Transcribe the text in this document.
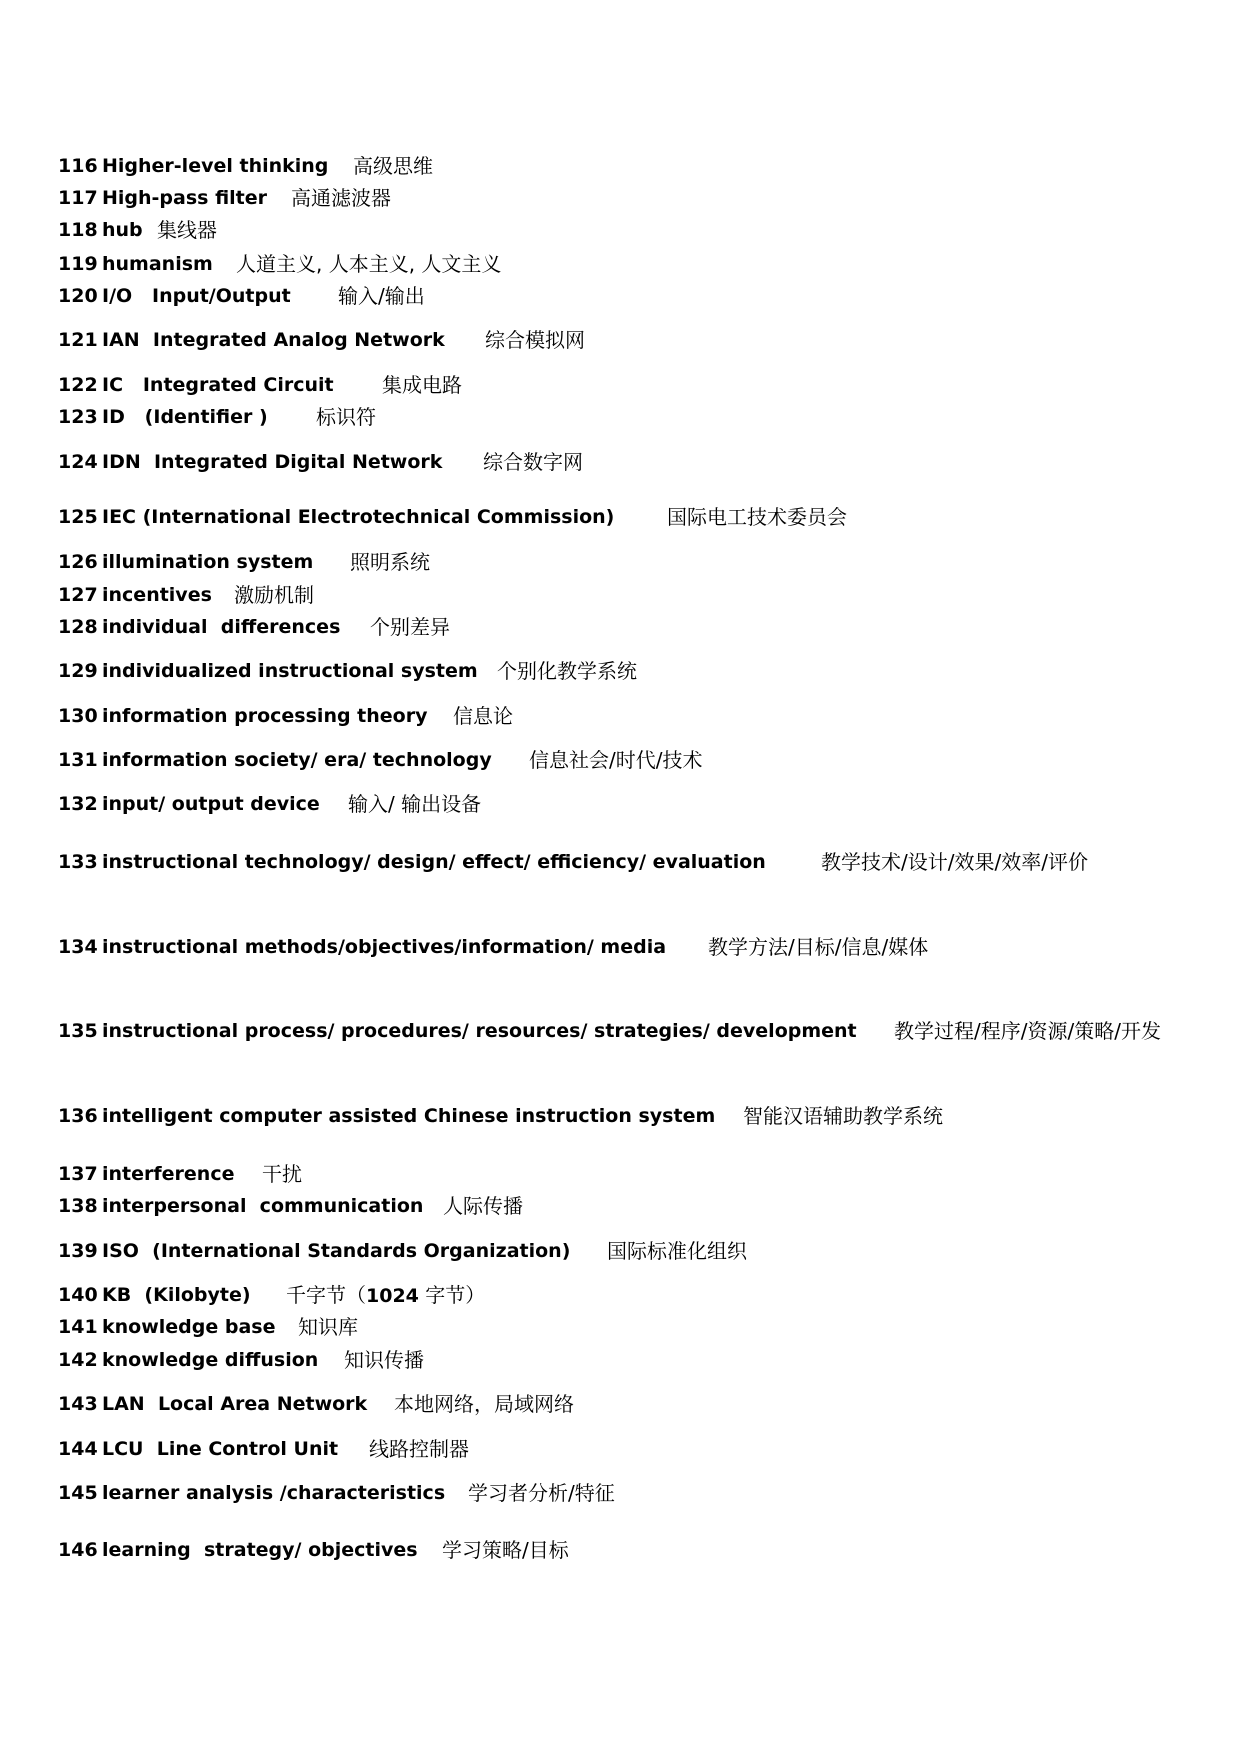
116 Higher-level thinking 高级思维
117 High-pass filter 高通滤波器
118 hub 集线器
119 humanism 人道主义, 人本主义, 人文主义
120 I/O   Input/Output 输入/输出
121 IAN  Integrated Analog Network 综合模拟网
122 IC   Integrated Circuit 集成电路
123 ID   (Identifier ) 标识符
124 IDN  Integrated Digital Network 综合数字网
125 IEC (International Electrotechnical Commission)	国际电工技术委员会
126 illumination system 照明系统
127 incentives 激励机制
128 individual  differences 个别差异
129 individualized instructional system 个别化教学系统
130 information processing theory 信息论
131 information society/ era/ technology 信息社会/时代/技术
132 input/ output device 输入/ 输出设备
133 instructional technology/ design/ effect/ efficiency/ evaluation	教学技术/设计/效果/效率/评价
134 instructional methods/objectives/information/ media 教学方法/目标/信息/媒体
135 instructional process/ procedures/ resources/ strategies/ development 教学过程/程序/资源/策略/开发
136 intelligent computer assisted Chinese instruction system 智能汉语辅助教学系统
137 interference 干扰
138 interpersonal  communication 人际传播
139 ISO  (International Standards Organization) 国际标准化组织
140 KB  (Kilobyte) 千字节（1024 字节）
141 knowledge base 知识库
142 knowledge diffusion 知识传播
143 LAN  Local Area Network 本地网络，局域网络
144 LCU  Line Control Unit 线路控制器
145 learner analysis /characteristics 学习者分析/特征
146 learning  strategy/ objectives 学习策略/目标
